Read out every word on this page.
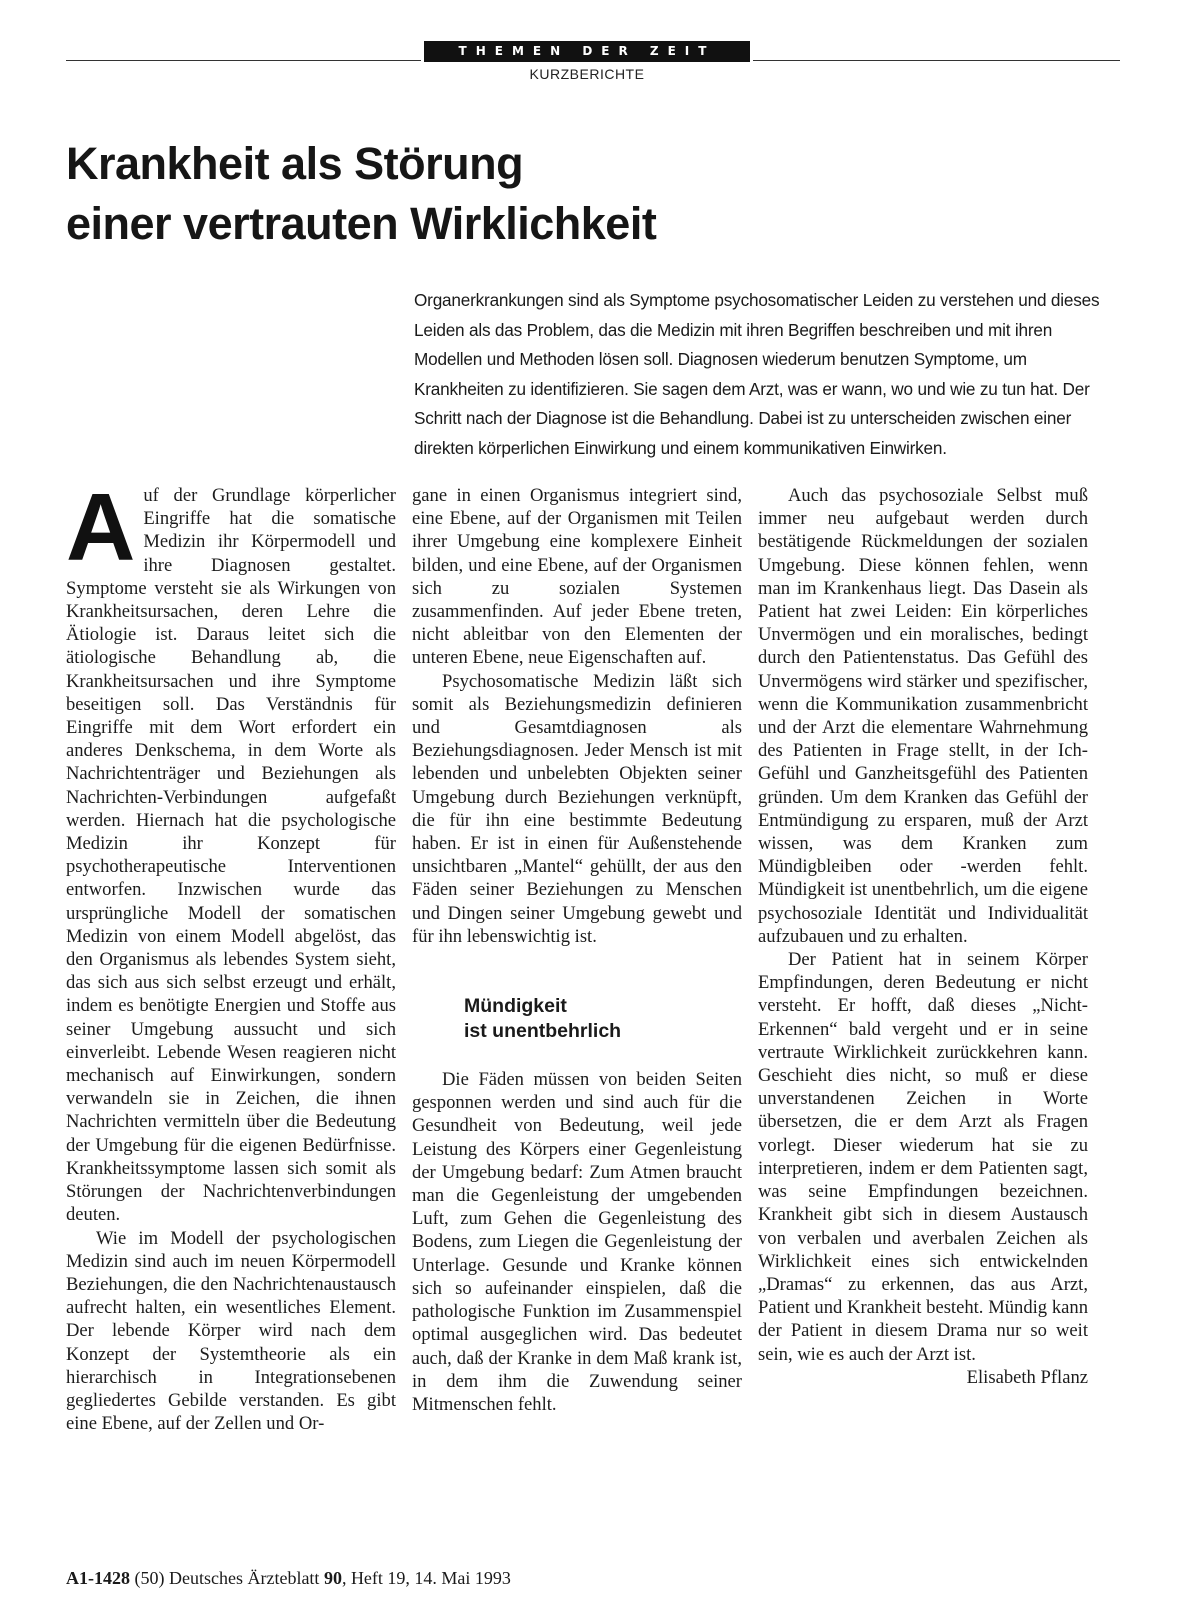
THEMEN DER ZEIT
KURZBERICHTE
Krankheit als Störung
einer vertrauten Wirklichkeit

Organerkrankungen sind als Symptome psychosomatischer Leiden zu verstehen und dieses Leiden als das Problem, das die Medizin mit ihren Begriffen beschreiben und mit ihren Modellen und Methoden lösen soll. Diagnosen wiederum benutzen Symptome, um Krankheiten zu identifizieren. Sie sagen dem Arzt, was er wann, wo und wie zu tun hat. Der Schritt nach der Diagnose ist die Behandlung. Dabei ist zu unterscheiden zwischen einer direkten körperlichen Einwirkung und einem kommunikativen Einwirken.

A uf der Grundlage körperlicher Eingriffe hat die somatische Medizin ihr Körpermodell und ihre Diagnosen gestaltet. Symptome versteht sie als Wirkungen von Krankheitsursachen, deren Lehre die Ätiologie ist. Daraus leitet sich die ätiologische Behandlung ab, die Krankheitsursachen und ihre Symptome beseitigen soll. Das Verständnis für Eingriffe mit dem Wort erfordert ein anderes Denkschema, in dem Worte als Nachrichtenträger und Beziehungen als Nachrichten-Verbindungen aufgefaßt werden. Hiernach hat die psychologische Medizin ihr Konzept für psychotherapeutische Interventionen entworfen. Inzwischen wurde das ursprüngliche Modell der somatischen Medizin von einem Modell abgelöst, das den Organismus als lebendes System sieht, das sich aus sich selbst erzeugt und erhält, indem es benötigte Energien und Stoffe aus seiner Umgebung aussucht und sich einverleibt. Lebende Wesen reagieren nicht mechanisch auf Einwirkungen, sondern verwandeln sie in Zeichen, die ihnen Nachrichten vermitteln über die Bedeutung der Umgebung für die eigenen Bedürfnisse. Krankheitssymptome lassen sich somit als Störungen der Nachrichtenverbindungen deuten.

Wie im Modell der psychologischen Medizin sind auch im neuen Körpermodell Beziehungen, die den Nachrichtenaustausch aufrecht halten, ein wesentliches Element. Der lebende Körper wird nach dem Konzept der Systemtheorie als ein hierarchisch in Integrationsebenen gegliedertes Gebilde verstanden. Es gibt eine Ebene, auf der Zellen und Or-

gane in einen Organismus integriert sind, eine Ebene, auf der Organismen mit Teilen ihrer Umgebung eine komplexere Einheit bilden, und eine Ebene, auf der Organismen sich zu sozialen Systemen zusammenfinden. Auf jeder Ebene treten, nicht ableitbar von den Elementen der unteren Ebene, neue Eigenschaften auf.

Psychosomatische Medizin läßt sich somit als Beziehungsmedizin definieren und Gesamtdiagnosen als Beziehungsdiagnosen. Jeder Mensch ist mit lebenden und unbelebten Objekten seiner Umgebung durch Beziehungen verknüpft, die für ihn eine bestimmte Bedeutung haben. Er ist in einen für Außenstehende unsichtbaren „Mantel“ gehüllt, der aus den Fäden seiner Beziehungen zu Menschen und Dingen seiner Umgebung gewebt und für ihn lebenswichtig ist.

Mündigkeit
ist unentbehrlich

Die Fäden müssen von beiden Seiten gesponnen werden und sind auch für die Gesundheit von Bedeutung, weil jede Leistung des Körpers einer Gegenleistung der Umgebung bedarf: Zum Atmen braucht man die Gegenleistung der umgebenden Luft, zum Gehen die Gegenleistung des Bodens, zum Liegen die Gegenleistung der Unterlage. Gesunde und Kranke können sich so aufeinander einspielen, daß die pathologische Funktion im Zusammenspiel optimal ausgeglichen wird. Das bedeutet auch, daß der Kranke in dem Maß krank ist, in dem ihm die Zuwendung seiner Mitmenschen fehlt.

Auch das psychosoziale Selbst muß immer neu aufgebaut werden durch bestätigende Rückmeldungen der sozialen Umgebung. Diese können fehlen, wenn man im Krankenhaus liegt. Das Dasein als Patient hat zwei Leiden: Ein körperliches Unvermögen und ein moralisches, bedingt durch den Patientenstatus. Das Gefühl des Unvermögens wird stärker und spezifischer, wenn die Kommunikation zusammenbricht und der Arzt die elementare Wahrnehmung des Patienten in Frage stellt, in der Ich-Gefühl und Ganzheitsgefühl des Patienten gründen. Um dem Kranken das Gefühl der Entmündigung zu ersparen, muß der Arzt wissen, was dem Kranken zum Mündigbleiben oder -werden fehlt. Mündigkeit ist unentbehrlich, um die eigene psychosoziale Identität und Individualität aufzubauen und zu erhalten.

Der Patient hat in seinem Körper Empfindungen, deren Bedeutung er nicht versteht. Er hofft, daß dieses „Nicht-Erkennen“ bald vergeht und er in seine vertraute Wirklichkeit zurückkehren kann. Geschieht dies nicht, so muß er diese unverstandenen Zeichen in Worte übersetzen, die er dem Arzt als Fragen vorlegt. Dieser wiederum hat sie zu interpretieren, indem er dem Patienten sagt, was seine Empfindungen bezeichnen. Krankheit gibt sich in diesem Austausch von verbalen und averbalen Zeichen als Wirklichkeit eines sich entwickelnden „Dramas“ zu erkennen, das aus Arzt, Patient und Krankheit besteht. Mündig kann der Patient in diesem Drama nur so weit sein, wie es auch der Arzt ist.

Elisabeth Pflanz

A1-1428 (50) Deutsches Ärzteblatt 90, Heft 19, 14. Mai 1993
